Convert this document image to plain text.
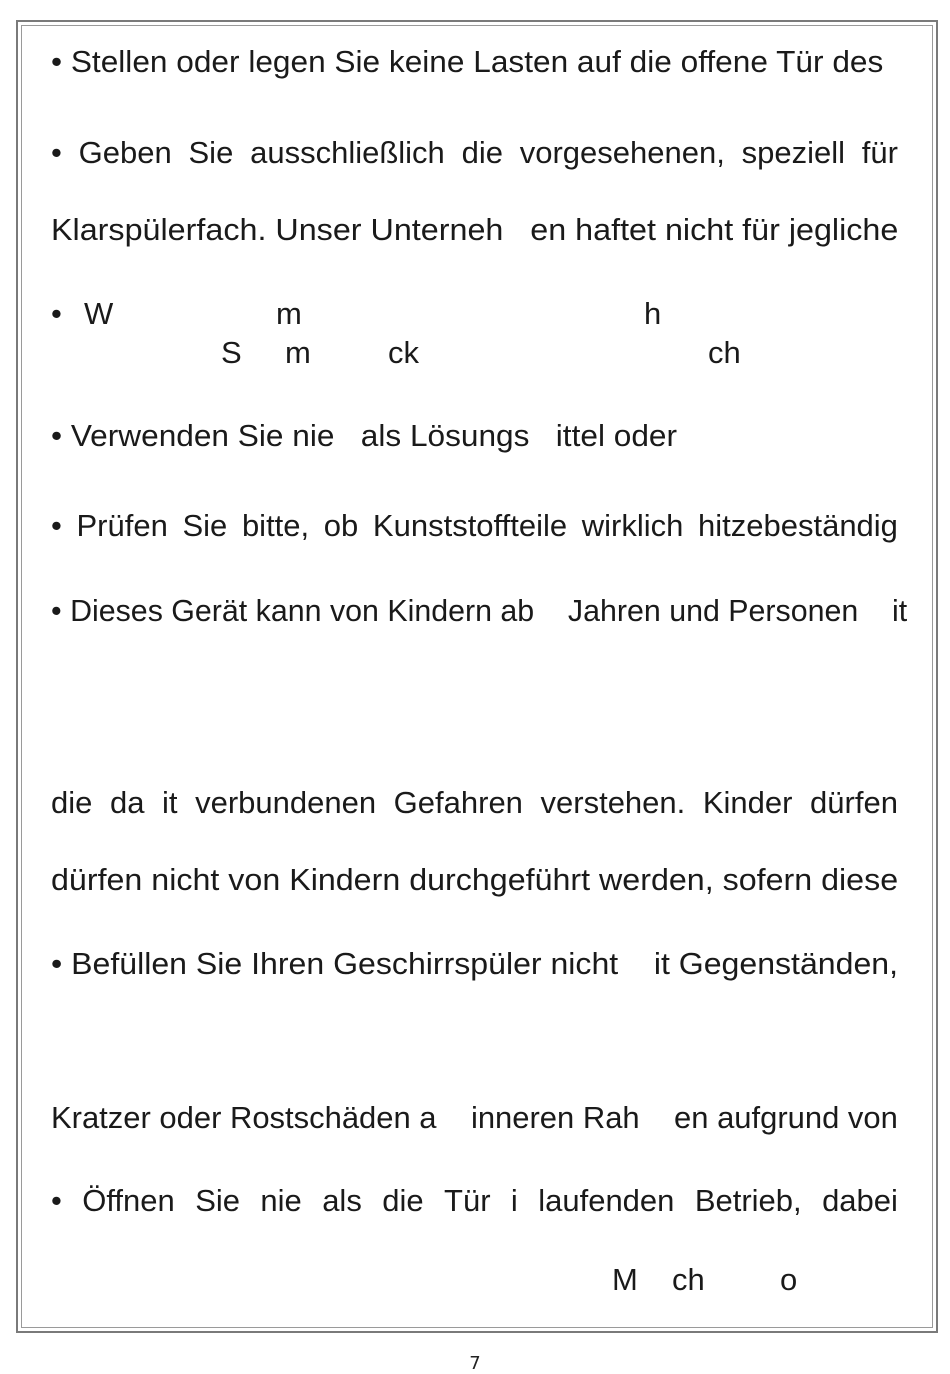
• Stellen oder legen Sie keine Lasten auf die offene Tür des
• Geben Sie ausschließlich die vorgesehenen, speziell für
Klarspülerfach. Unser Unterneh   en haftet nicht für jegliche
• W	m	h
S m ck	ch
• Verwenden Sie nie   als Lösungs   ittel oder
• Prüfen Sie bitte, ob Kunststoffteile wirklich hitzebeständig
• Dieses Gerät kann von Kindern ab    Jahren und Personen    it
die da it verbundenen Gefahren verstehen. Kinder dürfen
dürfen nicht von Kindern durchgeführt werden, sofern diese
• Befüllen Sie Ihren Geschirrspüler nicht    it Gegenständen,
Kratzer oder Rostschäden a    inneren Rah    en aufgrund von
• Öffnen Sie nie als die Tür i laufenden Betrieb, dabei
M ch o
7
